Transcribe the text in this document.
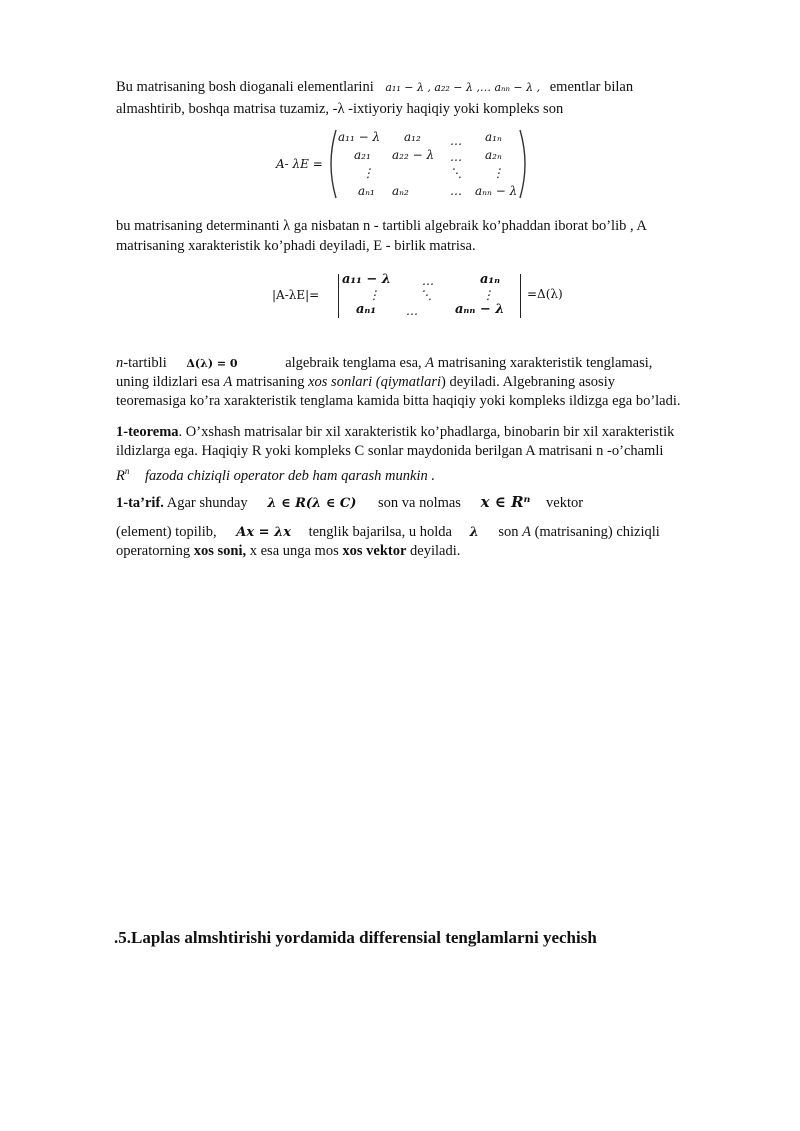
Bu matrisaning bosh dioganali elementlarini a₁₁ − λ , a₂₂ − λ ,… aₙₙ − λ , ementlar bilan
almashtirib, boshqa matrisa tuzamiz, -λ -ixtiyoriy haqiqiy yoki kompleks son
A- λE =
a₁₁ − λ a₁₂ … a₁ₙ
a₂₁ a₂₂ − λ … a₂ₙ
⋮	⋱	⋮
aₙ₁ aₙ₂	… aₙₙ − λ
bu matrisaning determinanti λ ga nisbatan n - tartibli algebraik ko’phaddan iborat bo’lib , A
matrisaning xarakteristik ko’phadi deyiladi, E - birlik matrisa.
|A-λE|=
a₁₁ − λ	…	a₁ₙ
⋮	⋱	⋮
aₙ₁ …	aₙₙ − λ
=Δ(λ)
n-tartibli Δ(λ) = 0	algebraik tenglama esa, A matrisaning xarakteristik tenglamasi,
uning ildizlari esa A matrisaning xos sonlari (qiymatlari) deyiladi. Algebraning asosiy
teoremasiga ko’ra xarakteristik tenglama kamida bitta haqiqiy yoki kompleks ildizga ega bo’ladi.
1-teorema. O’xshash matrisalar bir xil xarakteristik ko’phadlarga, binobarin bir xil xarakteristik
ildizlarga ega. Haqiqiy R yoki kompleks C sonlar maydonida berilgan A matrisani n -o’chamli
$R^n$ fazoda chiziqli operator deb ham qarash munkin .
1-ta’rif. Agar shunday λ ∈ R(λ ∈ C) son va nolmas x ∈ Rⁿ vektor
(element) topilib, Ax = λx tenglik bajarilsa, u holda λ son A (matrisaning) chiziqli
operatorning xos soni, x esa unga mos xos vektor deyiladi.
.5.Laplas almshtirishi yordamida differensial tenglamlarni yechish
